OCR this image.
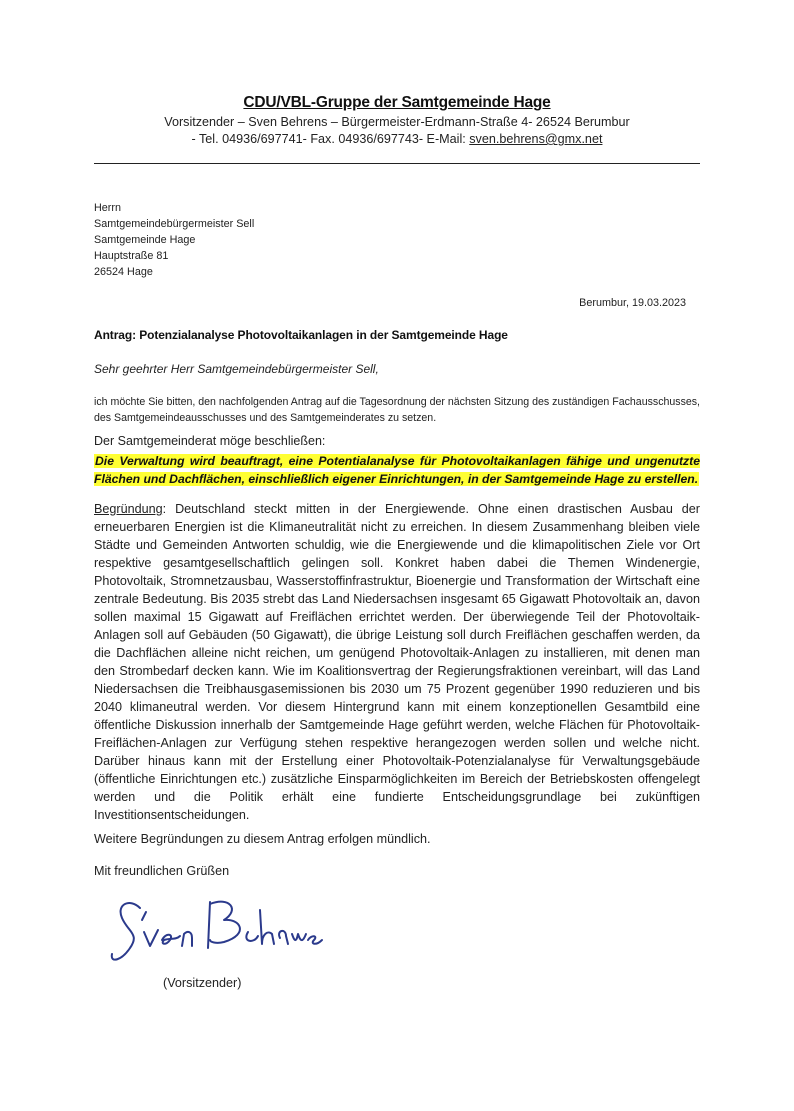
CDU/VBL-Gruppe der Samtgemeinde Hage
Vorsitzender – Sven Behrens – Bürgermeister-Erdmann-Straße 4- 26524 Berumbur
- Tel. 04936/697741- Fax. 04936/697743- E-Mail: sven.behrens@gmx.net
Herrn
Samtgemeindebürgermeister Sell
Samtgemeinde Hage
Hauptstraße 81
26524 Hage
Berumbur, 19.03.2023
Antrag: Potenzialanalyse Photovoltaikanlagen in der Samtgemeinde Hage
Sehr geehrter Herr Samtgemeindebürgermeister Sell,
ich möchte Sie bitten, den nachfolgenden Antrag auf die Tagesordnung der nächsten Sitzung des zuständigen Fachausschusses, des Samtgemeindeausschusses und des Samtgemeinderates zu setzen.
Der Samtgemeinderat möge beschließen:
Die Verwaltung wird beauftragt, eine Potentialanalyse für Photovoltaikanlagen fähige und ungenutzte Flächen und Dachflächen, einschließlich eigener Einrichtungen, in der Samtgemeinde Hage zu erstellen.
Begründung: Deutschland steckt mitten in der Energiewende. Ohne einen drastischen Ausbau der erneuerbaren Energien ist die Klimaneutralität nicht zu erreichen. In diesem Zusammenhang bleiben viele Städte und Gemeinden Antworten schuldig, wie die Energiewende und die klimapolitischen Ziele vor Ort respektive gesamtgesellschaftlich gelingen soll. Konkret haben dabei die Themen Windenergie, Photovoltaik, Stromnetzausbau, Wasserstoffinfrastruktur, Bioenergie und Transformation der Wirtschaft eine zentrale Bedeutung. Bis 2035 strebt das Land Niedersachsen insgesamt 65 Gigawatt Photovoltaik an, davon sollen maximal 15 Gigawatt auf Freiflächen errichtet werden. Der überwiegende Teil der Photovoltaik-Anlagen soll auf Gebäuden (50 Gigawatt), die übrige Leistung soll durch Freiflächen geschaffen werden, da die Dachflächen alleine nicht reichen, um genügend Photovoltaik-Anlagen zu installieren, mit denen man den Strombedarf decken kann. Wie im Koalitionsvertrag der Regierungsfraktionen vereinbart, will das Land Niedersachsen die Treibhausgasemissionen bis 2030 um 75 Prozent gegenüber 1990 reduzieren und bis 2040 klimaneutral werden. Vor diesem Hintergrund kann mit einem konzeptionellen Gesamtbild eine öffentliche Diskussion innerhalb der Samtgemeinde Hage geführt werden, welche Flächen für Photovoltaik-Freiflächen-Anlagen zur Verfügung stehen respektive herangezogen werden sollen und welche nicht. Darüber hinaus kann mit der Erstellung einer Photovoltaik-Potenzialanalyse für Verwaltungsgebäude (öffentliche Einrichtungen etc.) zusätzliche Einsparmöglichkeiten im Bereich der Betriebskosten offengelegt werden und die Politik erhält eine fundierte Entscheidungsgrundlage bei zukünftigen Investitionsentscheidungen.
Weitere Begründungen zu diesem Antrag erfolgen mündlich.
Mit freundlichen Grüßen
(Vorsitzender)
